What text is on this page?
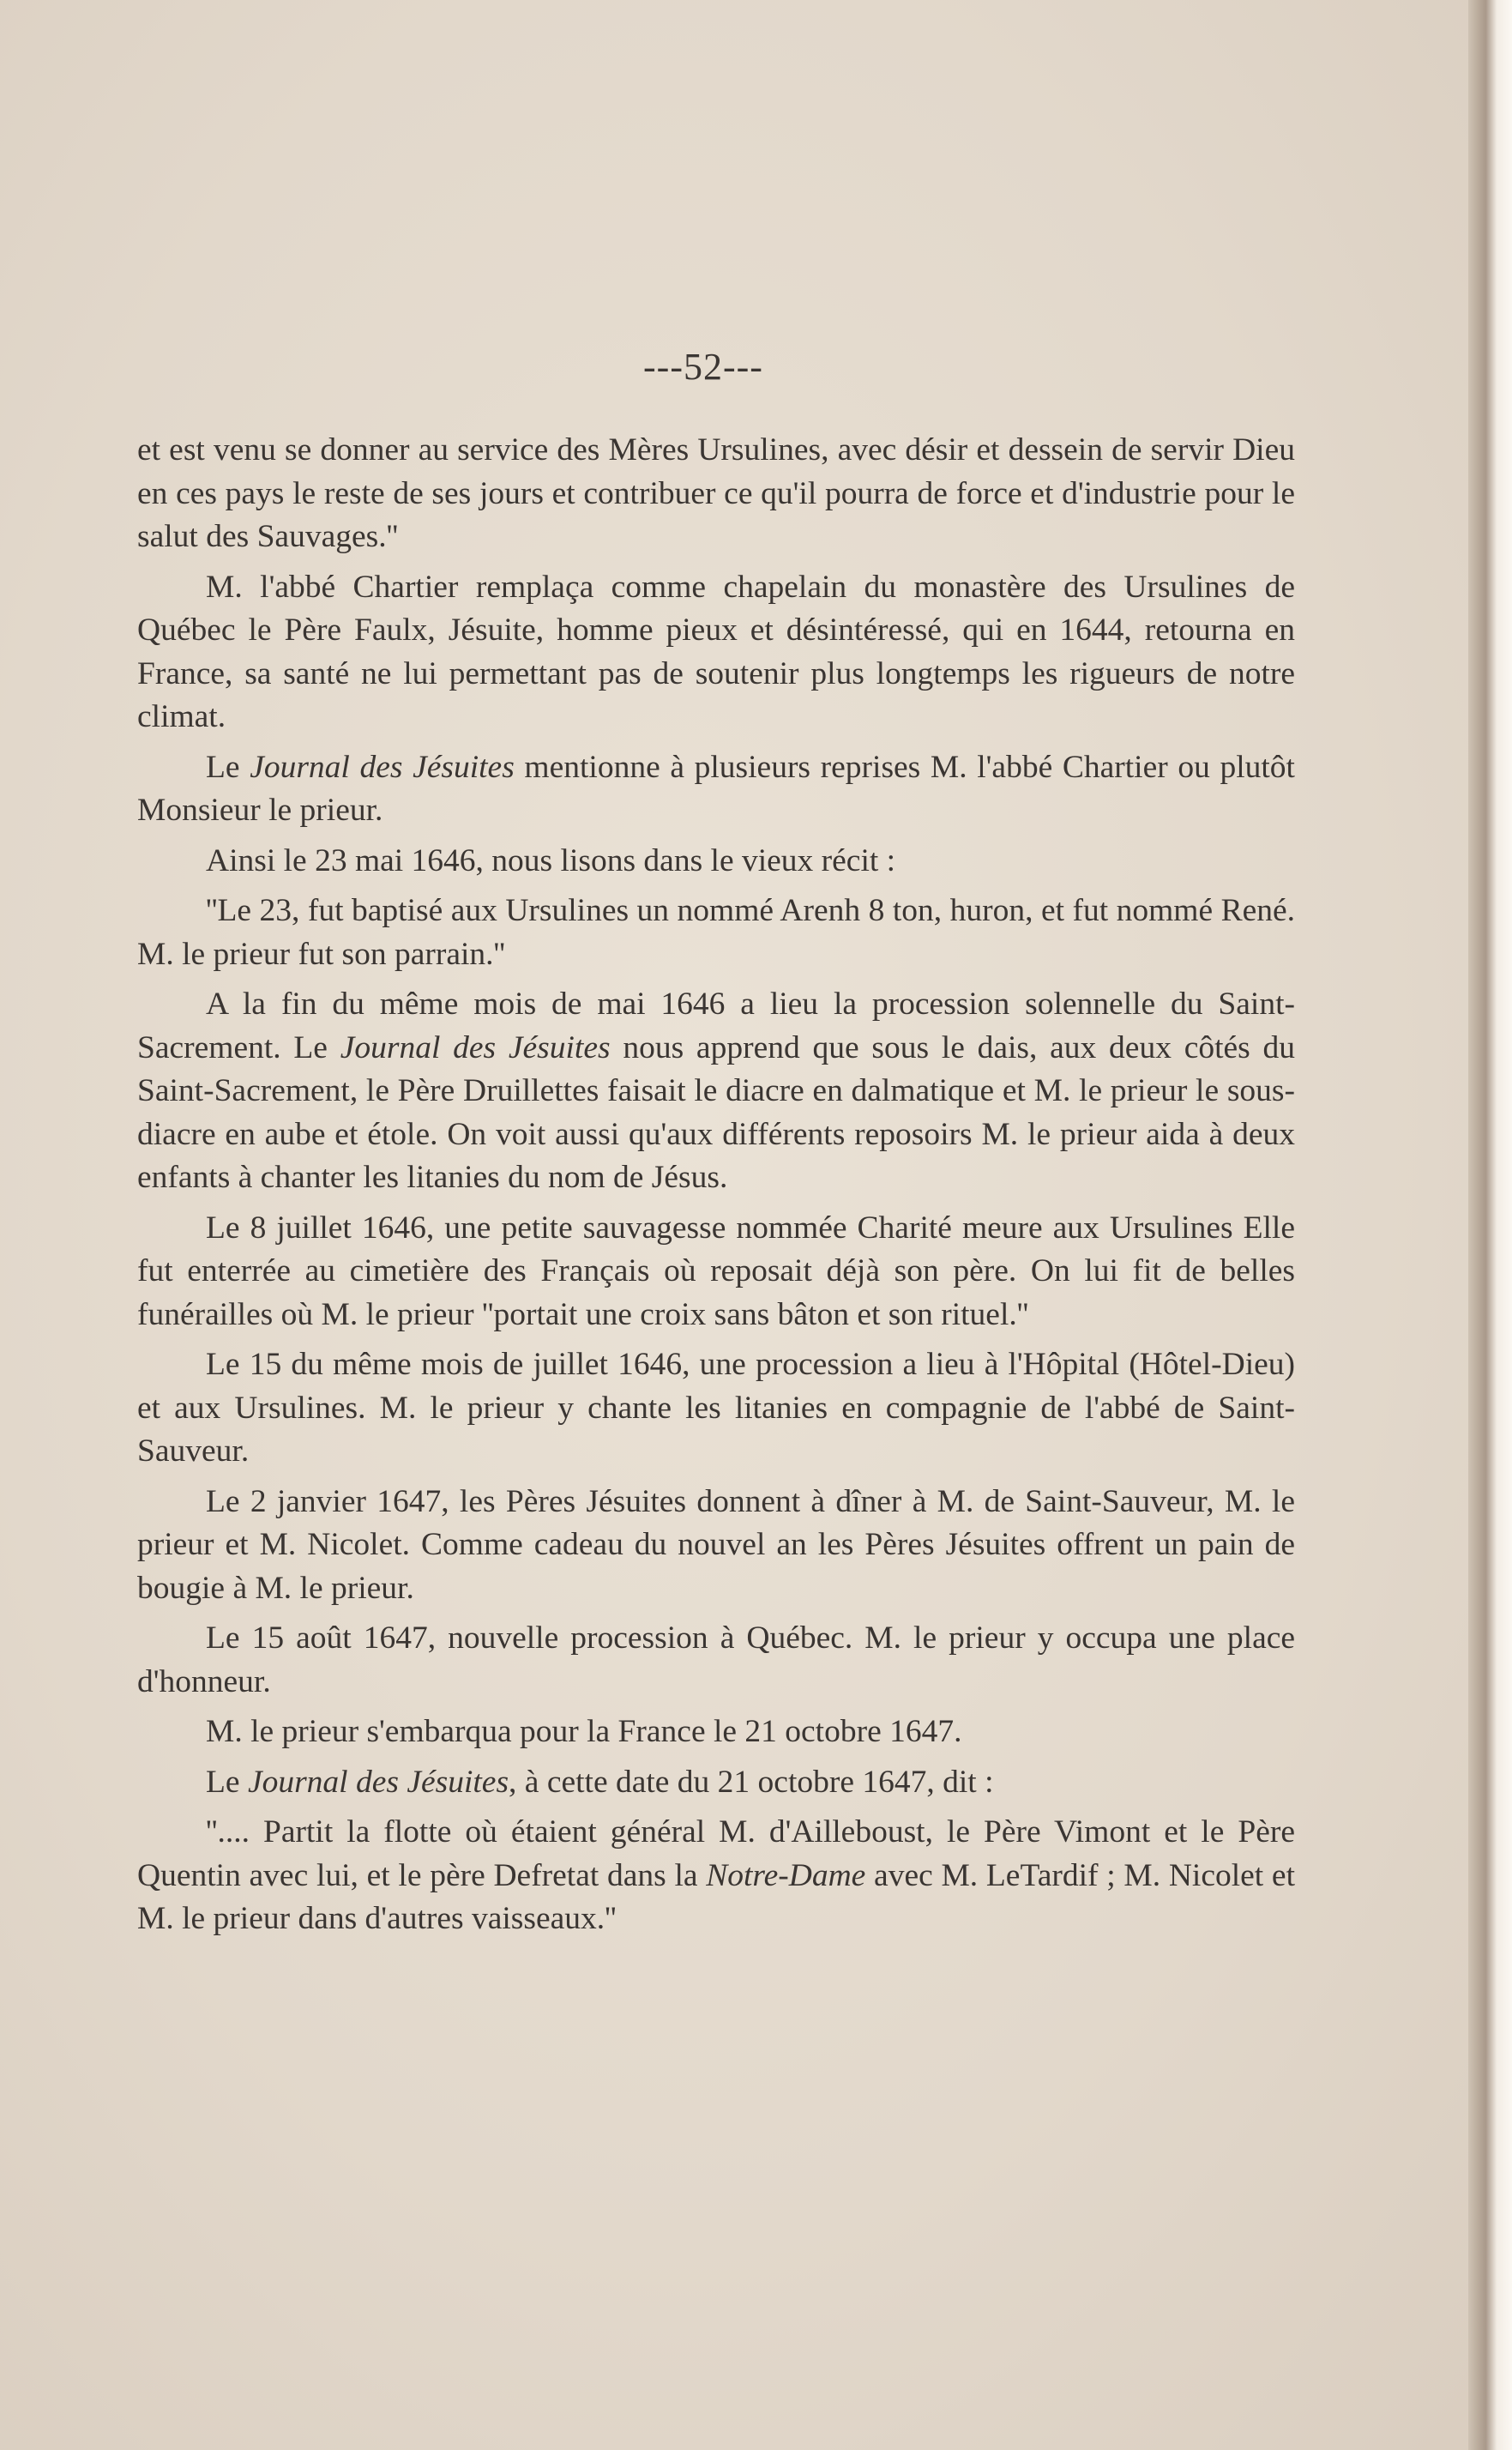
---52---

et est venu se donner au service des Mères Ursulines, avec désir et dessein de servir Dieu en ces pays le reste de ses jours et contribuer ce qu'il pourra de force et d'industrie pour le salut des Sauvages.''

M. l'abbé Chartier remplaça comme chapelain du monastère des Ursulines de Québec le Père Faulx, Jésuite, homme pieux et désintéressé, qui en 1644, retourna en France, sa santé ne lui permettant pas de soutenir plus longtemps les rigueurs de notre climat.

Le Journal des Jésuites mentionne à plusieurs reprises M. l'abbé Chartier ou plutôt Monsieur le prieur.

Ainsi le 23 mai 1646, nous lisons dans le vieux récit :

''Le 23, fut baptisé aux Ursulines un nommé Arenh 8 ton, huron, et fut nommé René. M. le prieur fut son parrain.''

A la fin du même mois de mai 1646 a lieu la procession solennelle du Saint-Sacrement. Le Journal des Jésuites nous apprend que sous le dais, aux deux côtés du Saint-Sacrement, le Père Druillettes faisait le diacre en dalmatique et M. le prieur le sous-diacre en aube et étole. On voit aussi qu'aux différents reposoirs M. le prieur aida à deux enfants à chanter les litanies du nom de Jésus.

Le 8 juillet 1646, une petite sauvagesse nommée Charité meure aux Ursulines Elle fut enterrée au cimetière des Français où reposait déjà son père. On lui fit de belles funérailles où M. le prieur ''portait une croix sans bâton et son rituel.''

Le 15 du même mois de juillet 1646, une procession a lieu à l'Hôpital (Hôtel-Dieu) et aux Ursulines. M. le prieur y chante les litanies en compagnie de l'abbé de Saint-Sauveur.

Le 2 janvier 1647, les Pères Jésuites donnent à dîner à M. de Saint-Sauveur, M. le prieur et M. Nicolet. Comme cadeau du nouvel an les Pères Jésuites offrent un pain de bougie à M. le prieur.

Le 15 août 1647, nouvelle procession à Québec. M. le prieur y occupa une place d'honneur.

M. le prieur s'embarqua pour la France le 21 octobre 1647.

Le Journal des Jésuites, à cette date du 21 octobre 1647, dit :

''.... Partit la flotte où étaient général M. d'Ailleboust, le Père Vimont et le Père Quentin avec lui, et le père Defretat dans la Notre-Dame avec M. LeTardif ; M. Nicolet et M. le prieur dans d'autres vaisseaux.''
